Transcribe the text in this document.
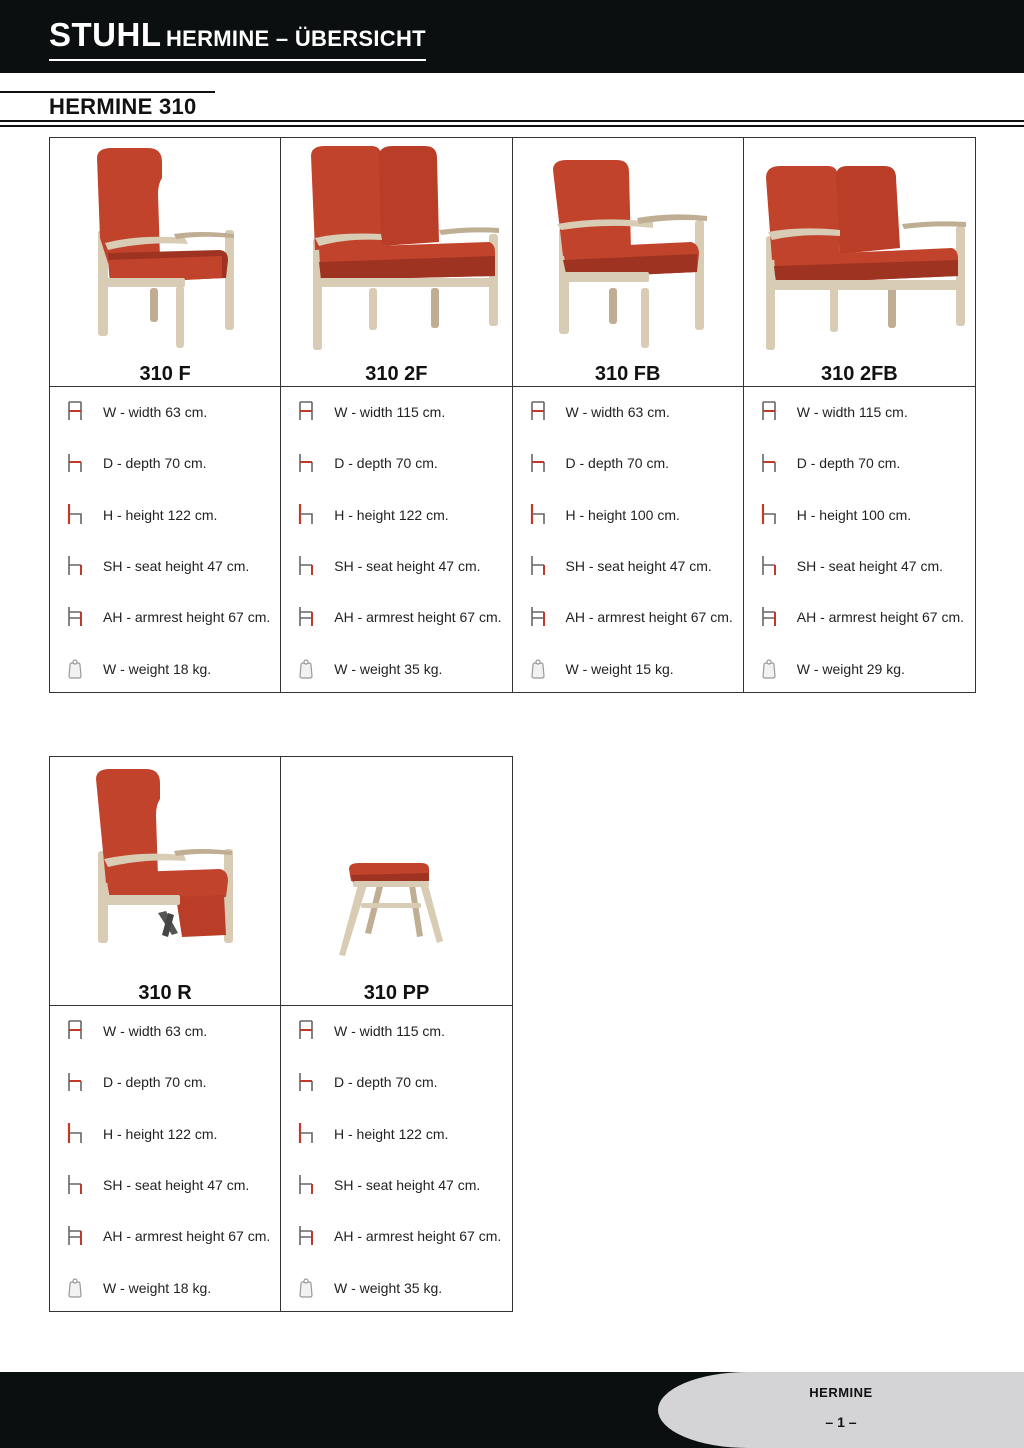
STUHL HERMINE – ÜBERSICHT
HERMINE 310
310 F
W - width 63 cm.
D - depth 70 cm.
H - height 122 cm.
SH - seat height 47 cm.
AH - armrest height 67 cm.
W - weight 18 kg.
310 2F
W - width 115 cm.
D - depth 70 cm.
H - height 122 cm.
SH - seat height 47 cm.
AH - armrest height 67 cm.
W - weight 35 kg.
310 FB
W - width 63 cm.
D - depth 70 cm.
H - height 100 cm.
SH - seat height 47 cm.
AH - armrest height 67 cm.
W - weight 15 kg.
310 2FB
W - width 115 cm.
D - depth 70 cm.
H - height 100 cm.
SH - seat height 47 cm.
AH - armrest height 67 cm.
W - weight 29 kg.
310 R
W - width 63 cm.
D - depth 70 cm.
H - height 122 cm.
SH - seat height 47 cm.
AH - armrest height 67 cm.
W - weight 18 kg.
310 PP
W - width 115 cm.
D - depth 70 cm.
H - height 122 cm.
SH - seat height 47 cm.
AH - armrest height 67 cm.
W - weight 35 kg.
HERMINE
– 1 –
